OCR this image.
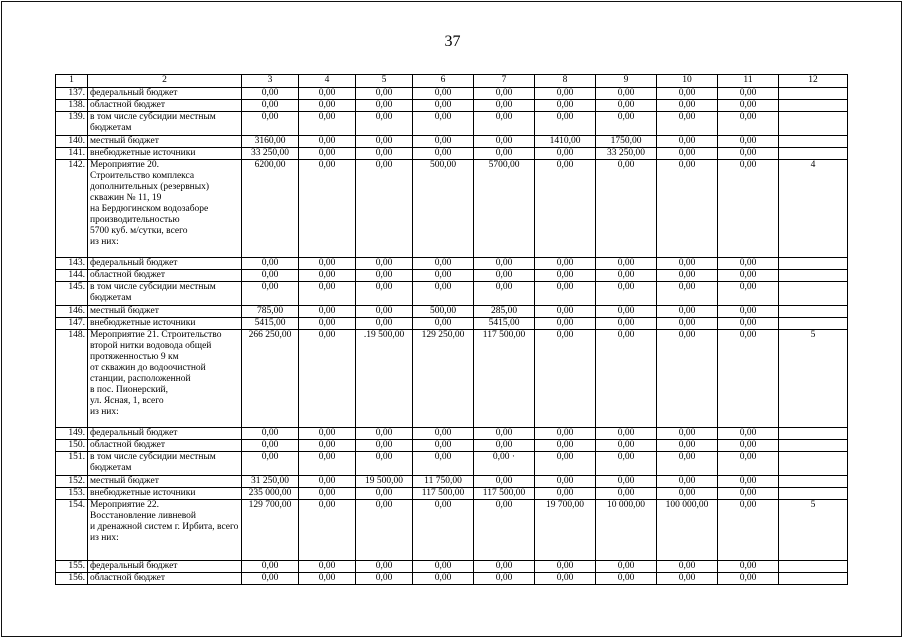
37
1	2	3	4	5	6	7	8	9	10	11	12
137.	федеральный бюджет	0,00	0,00	0,00	0,00	0,00	0,00	0,00	0,00	0,00	
138.	областной бюджет	0,00	0,00	0,00	0,00	0,00	0,00	0,00	0,00	0,00	
139.	в том числе субсидии местным бюджетам	0,00	0,00	0,00	0,00	0,00	0,00	0,00	0,00	0,00	
140.	местный бюджет	3160,00	0,00	0,00	0,00	0,00	1410,00	1750,00	0,00	0,00	
141.	внебюджетные источники	33 250,00	0,00	0,00	0,00	0,00	0,00	33 250,00	0,00	0,00	
142.	Мероприятие 20.
Строительство комплекса дополнительных (резервных) скважин № 11, 19
на Бердюгинском водозаборе производительностью
5700 куб. м/сутки, всего
из них:	6200,00	0,00	0,00	500,00	5700,00	0,00	0,00	0,00	0,00	4
143.	федеральный бюджет	0,00	0,00	0,00	0,00	0,00	0,00	0,00	0,00	0,00	
144.	областной бюджет	0,00	0,00	0,00	0,00	0,00	0,00	0,00	0,00	0,00	
145.	в том числе субсидии местным бюджетам	0,00	0,00	0,00	0,00	0,00	0,00	0,00	0,00	0,00	
146.	местный бюджет	785,00	0,00	0,00	500,00	285,00	0,00	0,00	0,00	0,00	
147.	внебюджетные источники	5415,00	0,00	0,00	0,00	5415,00	0,00	0,00	0,00	0,00	
148.	Мероприятие 21. Строительство второй нитки водовода общей протяженностью 9 км
от скважин до водоочистной станции, расположенной
в пос. Пионерский,
ул. Ясная, 1, всего
из них:	266 250,00	0,00	.19 500,00	129 250,00	117 500,00	0,00	0,00	0,00	0,00	5
149.	федеральный бюджет	0,00	0,00	0,00	0,00	0,00	0,00	0,00	0,00	0,00	
150.	областной бюджет	0,00	0,00	0,00	0,00	0,00	0,00	0,00	0,00	0,00	
151.	в том числе субсидии местным бюджетам	0,00	0,00	0,00	0,00	0,00 ·	0,00	0,00	0,00	0,00	
152.	местный бюджет	31 250,00	0,00	19 500,00	11 750,00	0,00	0,00	0,00	0,00	0,00	
153.	внебюджетные источники	235 000,00	0,00	0,00	117 500,00	117 500,00	0,00	0,00	0,00	0,00	
154.	Мероприятие 22.
Восстановление ливневой
и дренажной систем г. Ирбита, всего
из них:	129 700,00	0,00	0,00	0,00	0,00	19 700,00	10 000,00	100 000,00	0,00	5
155.	федеральный бюджет	0,00	0,00	0,00	0,00	0,00	0,00	0,00	0,00	0,00	
156.	областной бюджет	0,00	0,00	0,00	0,00	0,00	0,00	0,00	0,00	0,00	
